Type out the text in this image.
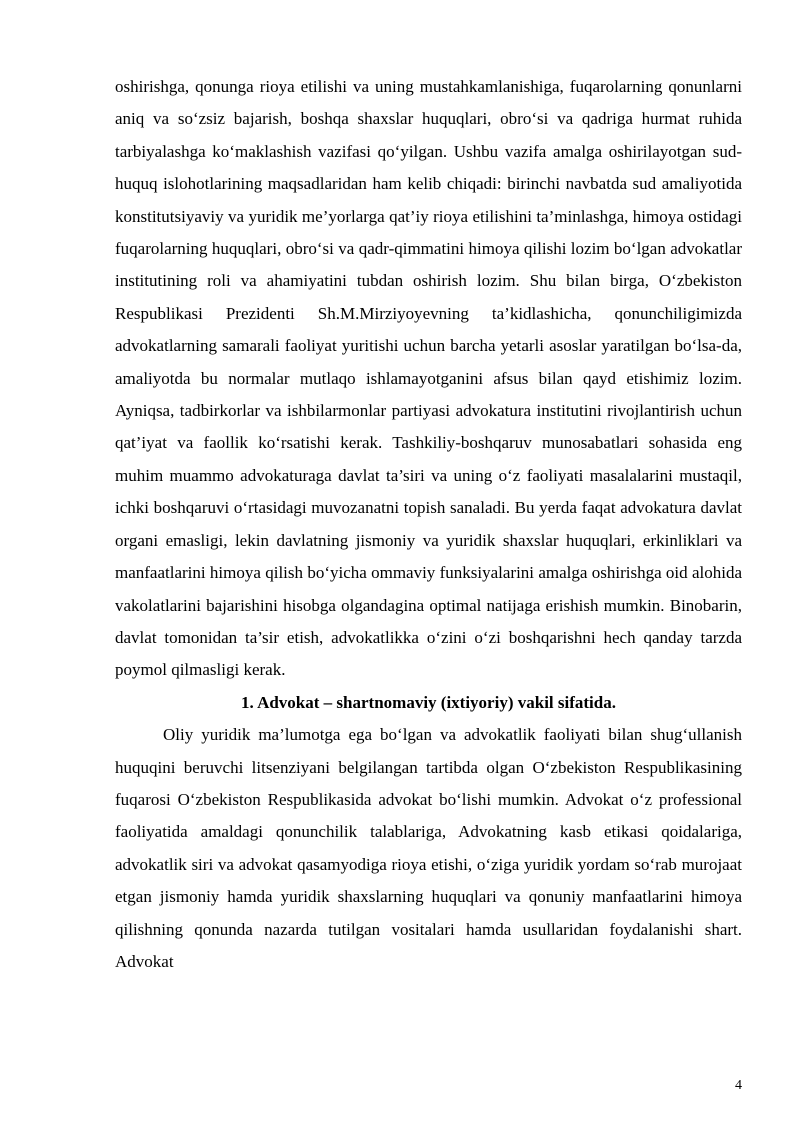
oshirishga, qonunga rioya etilishi va uning mustahkamlanishiga, fuqarolarning qonunlarni aniq va so‘zsiz bajarish, boshqa shaxslar huquqlari, obro‘si va qadriga hurmat ruhida tarbiyalashga ko‘maklashish vazifasi qo‘yilgan. Ushbu vazifa amalga oshirilayotgan sud-huquq islohotlarining maqsadlaridan ham kelib chiqadi: birinchi navbatda sud amaliyotida konstitutsiyaviy va yuridik me’yorlarga qat’iy rioya etilishini ta’minlashga, himoya ostidagi fuqarolarning huquqlari, obro‘si va qadr-qimmatini himoya qilishi lozim bo‘lgan advokatlar institutining roli va ahamiyatini tubdan oshirish lozim. Shu bilan birga, O‘zbekiston Respublikasi Prezidenti Sh.M.Mirziyoyevning ta’kidlashicha, qonunchiligimizda advokatlarning samarali faoliyat yuritishi uchun barcha yetarli asoslar yaratilgan bo‘lsa-da, amaliyotda bu normalar mutlaqo ishlamayotganini afsus bilan qayd etishimiz lozim. Ayniqsa, tadbirkorlar va ishbilarmonlar partiyasi advokatura institutini rivojlantirish uchun qat’iyat va faollik ko‘rsatishi kerak. Tashkiliy-boshqaruv munosabatlari sohasida eng muhim muammo advokaturaga davlat ta’siri va uning o‘z faoliyati masalalarini mustaqil, ichki boshqaruvi o‘rtasidagi muvozanatni topish sanaladi. Bu yerda faqat advokatura davlat organi emasligi, lekin davlatning jismoniy va yuridik shaxslar huquqlari, erkinliklari va manfaatlarini himoya qilish bo‘yicha ommaviy funksiyalarini amalga oshirishga oid alohida vakolatlarini bajarishini hisobga olgandagina optimal natijaga erishish mumkin. Binobarin, davlat tomonidan ta’sir etish, advokatlikka o‘zini o‘zi boshqarishni hech qanday tarzda poymol qilmasligi kerak.

1. Advokat – shartnomaviy (ixtiyoriy) vakil sifatida.

Oliy yuridik ma’lumotga ega bo‘lgan va advokatlik faoliyati bilan shug‘ullanish huquqini beruvchi litsenziyani belgilangan tartibda olgan O‘zbekiston Respublikasining fuqarosi O‘zbekiston Respublikasida advokat bo‘lishi mumkin. Advokat o‘z professional faoliyatida amaldagi qonunchilik talablariga, Advokatning kasb etikasi qoidalariga, advokatlik siri va advokat qasamyodiga rioya etishi, o‘ziga yuridik yordam so‘rab murojaat etgan jismoniy hamda yuridik shaxslarning huquqlari va qonuniy manfaatlarini himoya qilishning qonunda nazarda tutilgan vositalari hamda usullaridan foydalanishi shart. Advokat

4
